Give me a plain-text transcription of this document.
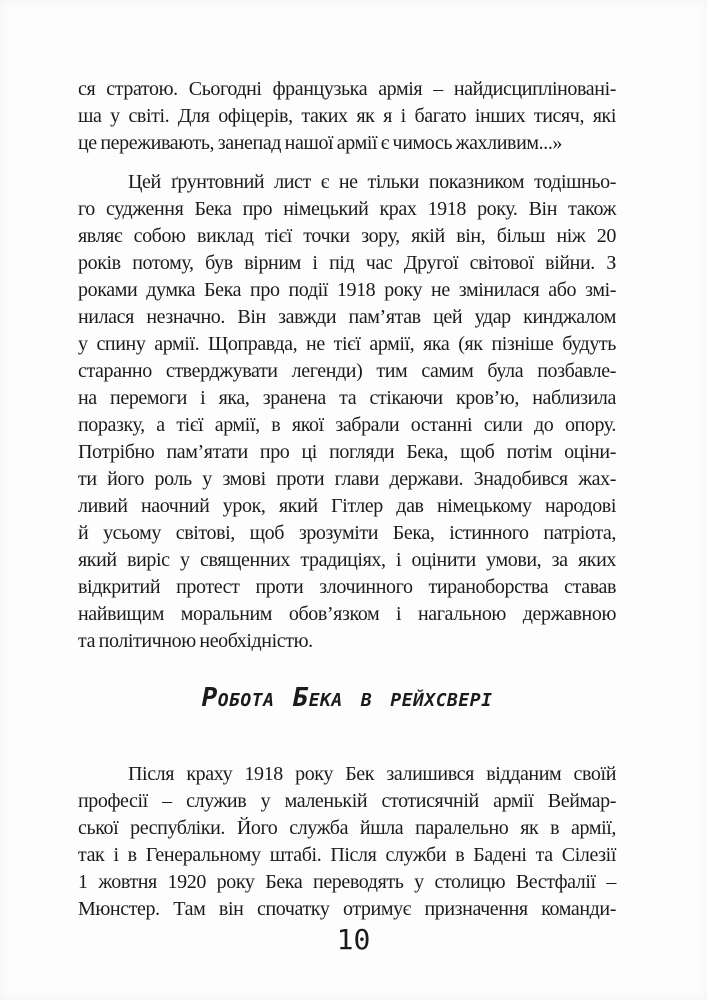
ся стратою. Сьогодні французька армія – найдисципліновані-
ша у світі. Для офіцерів, таких як я і багато інших тисяч, які
це переживають, занепад нашої армії є чимось жахливим...»
Цей ґрунтовний лист є не тільки показником тодішньо-
го судження Бека про німецький крах 1918 року. Він також
являє собою виклад тієї точки зору, якій він, більш ніж 20
років потому, був вірним і під час Другої світової війни. З
роками думка Бека про події 1918 року не змінилася або змі-
нилася незначно. Він завжди пам’ятав цей удар кинджалом
у спину армії. Щоправда, не тієї армії, яка (як пізніше будуть
старанно стверджувати легенди) тим самим була позбавле-
на перемоги і яка, зранена та стікаючи кров’ю, наблизила
поразку, а тієї армії, в якої забрали останні сили до опору.
Потрібно пам’ятати про ці погляди Бека, щоб потім оціни-
ти його роль у змові проти глави держави. Знадобився жах-
ливий наочний урок, який Гітлер дав німецькому народові
й усьому світові, щоб зрозуміти Бека, істинного патріота,
який виріс у священних традиціях, і оцінити умови, за яких
відкритий протест проти злочинного тираноборства ставав
найвищим моральним обов’язком і нагальною державною
та політичною необхідністю.
Робота Бека в рейхсвері
Після краху 1918 року Бек залишився відданим своїй
професії – служив у маленькій стотисячній армії Веймар-
ської республіки. Його служба йшла паралельно як в армії,
так і в Генеральному штабі. Після служби в Бадені та Сілезії
1 жовтня 1920 року Бека переводять у столицю Вестфалії –
Мюнстер. Там він спочатку отримує призначення команди-
10
